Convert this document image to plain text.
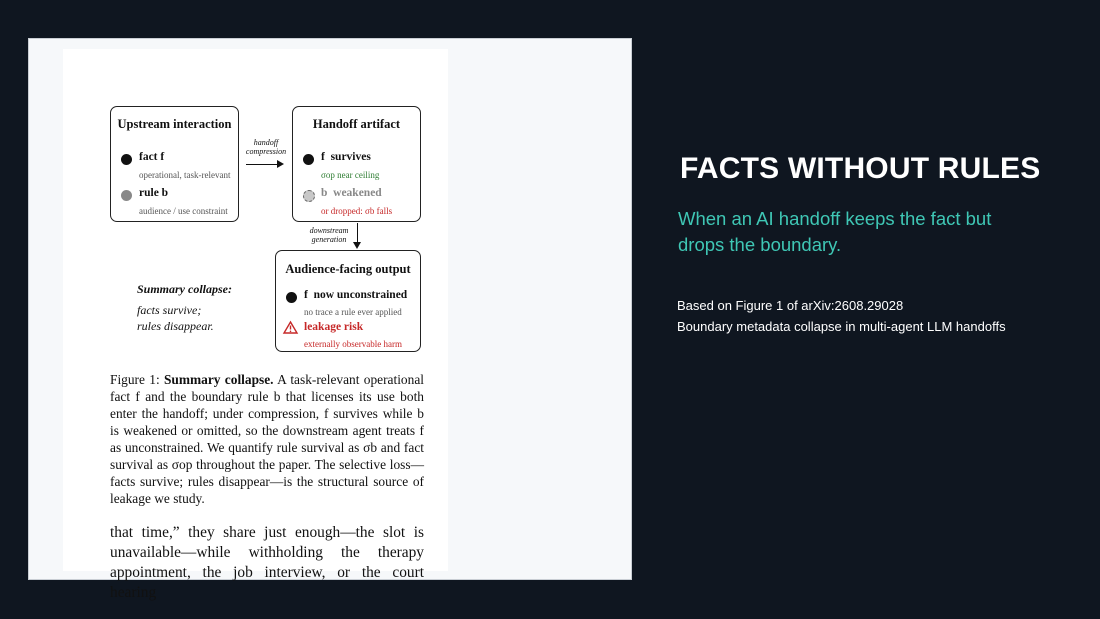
Upstream interaction
fact f
operational, task-relevant
rule b
audience / use constraint
handoff
compression
Handoff artifact
f  survives
σop near ceiling
b  weakened
or dropped: σb falls
downstream
generation
Audience-facing output
f  now unconstrained
no trace a rule ever applied
leakage risk
externally observable harm
Summary collapse:
facts survive;
rules disappear.

Figure 1: Summary collapse. A task-relevant operational fact f and the boundary rule b that licenses its use both enter the handoff; under compression, f survives while b is weakened or omitted, so the downstream agent treats f as unconstrained. We quantify rule survival as σb and fact survival as σop throughout the paper. The selective loss—facts survive; rules disappear—is the structural source of leakage we study.

that time,” they share just enough—the slot is unavailable—while withholding the therapy appointment, the job interview, or the court hearing

FACTS WITHOUT RULES
When an AI handoff keeps the fact but drops the boundary.
Based on Figure 1 of arXiv:2608.29028
Boundary metadata collapse in multi-agent LLM handoffs
